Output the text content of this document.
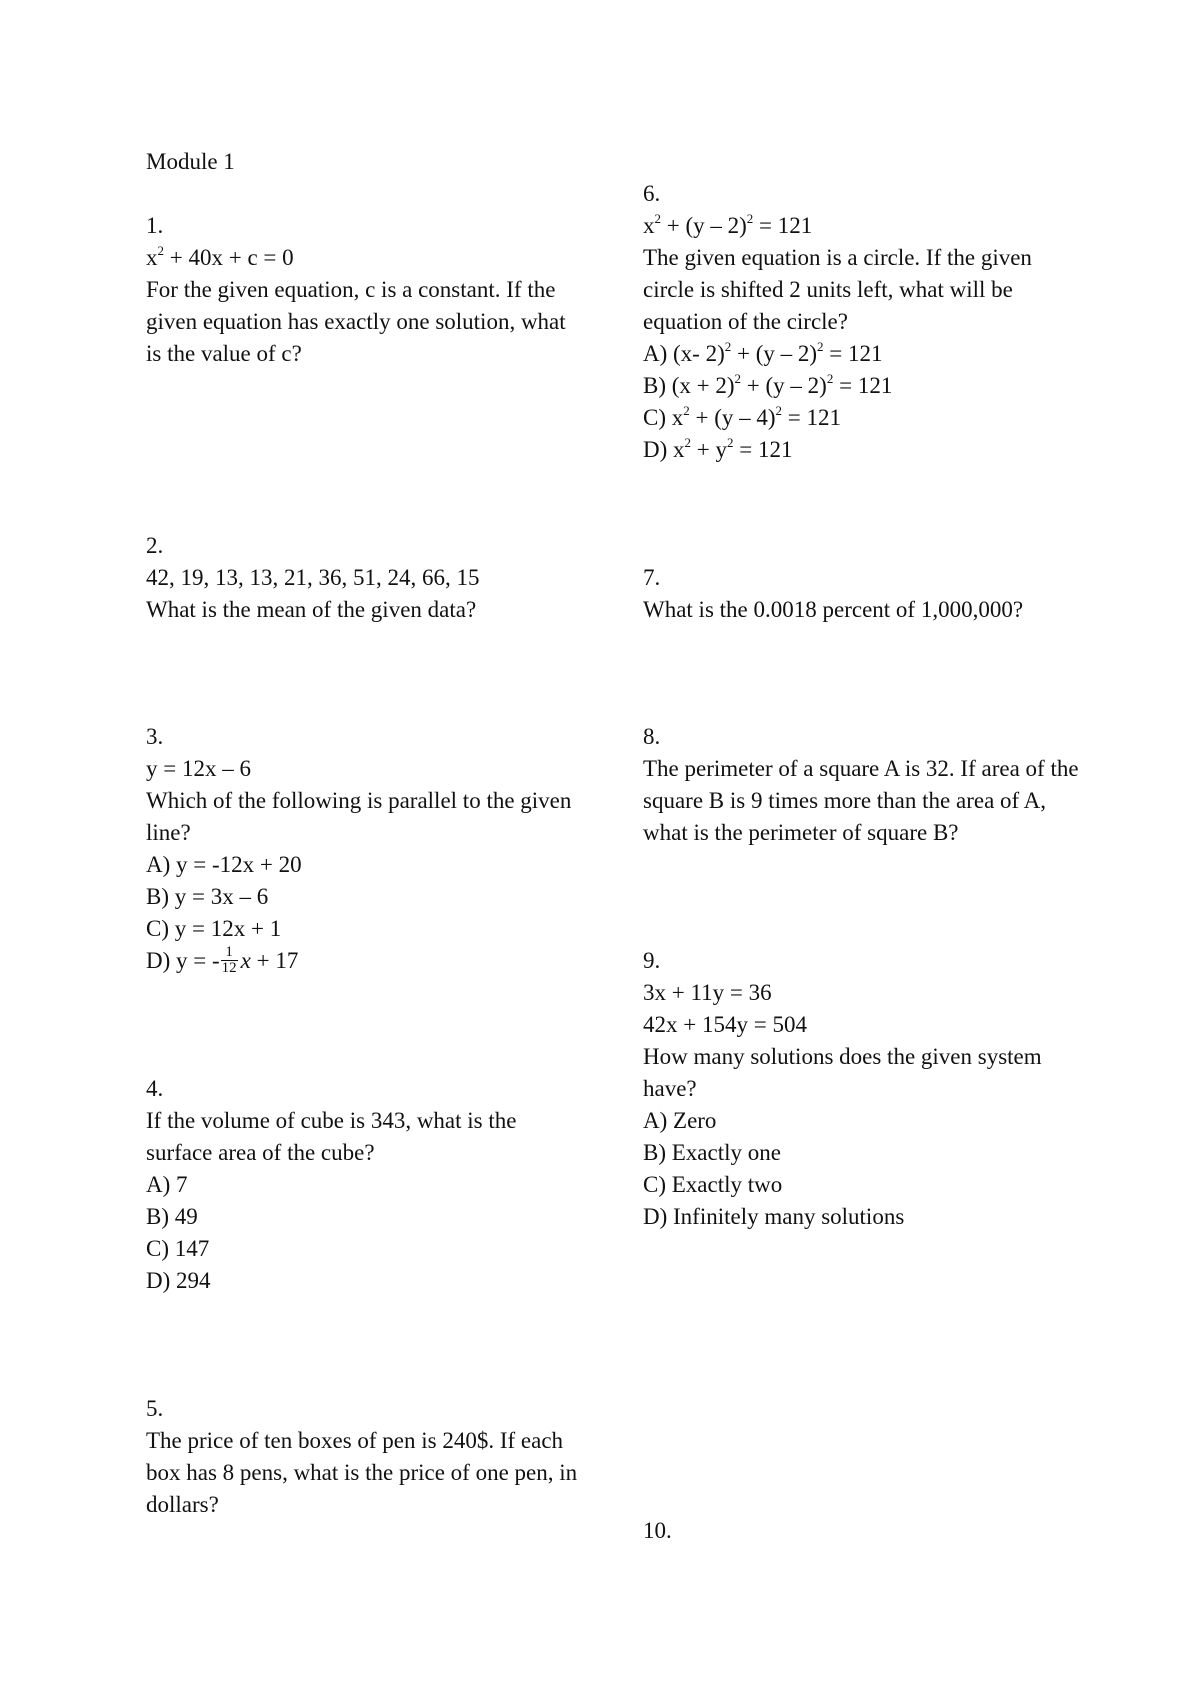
Module 1
1.
$x^2 + 40x + c = 0$
For the given equation, c is a constant. If the given equation has exactly one solution, what is the value of c?
2.
42, 19, 13, 13, 21, 36, 51, 24, 66, 15
What is the mean of the given data?
3.
y = 12x – 6
Which of the following is parallel to the given line?
A) y = -12x + 20
B) y = 3x – 6
C) y = 12x + 1
D) y = - $\frac{1}{12}$ x + 17
4.
If the volume of cube is 343, what is the surface area of the cube?
A) 7
B) 49
C) 147
D) 294
5.
The price of ten boxes of pen is 240$. If each box has 8 pens, what is the price of one pen, in dollars?
6.
$x^2 + (y - 2)^2 = 121$
The given equation is a circle. If the given circle is shifted 2 units left, what will be equation of the circle?
A) (x- 2)$^2$ + (y – 2)$^2$ = 121
B) $(x + 2)^2 + (y - 2)^2 = 121$
C) $x^2 + (y - 4)^2 = 121$
D) $x^2 + y^2 = 121$
7.
What is the 0.0018 percent of 1,000,000?
8.
The perimeter of a square A is 32. If area of the square B is 9 times more than the area of A, what is the perimeter of square B?
9.
3x + 11y = 36
42x + 154y = 504
How many solutions does the given system have?
A) Zero
B) Exactly one
C) Exactly two
D) Infinitely many solutions
10.
